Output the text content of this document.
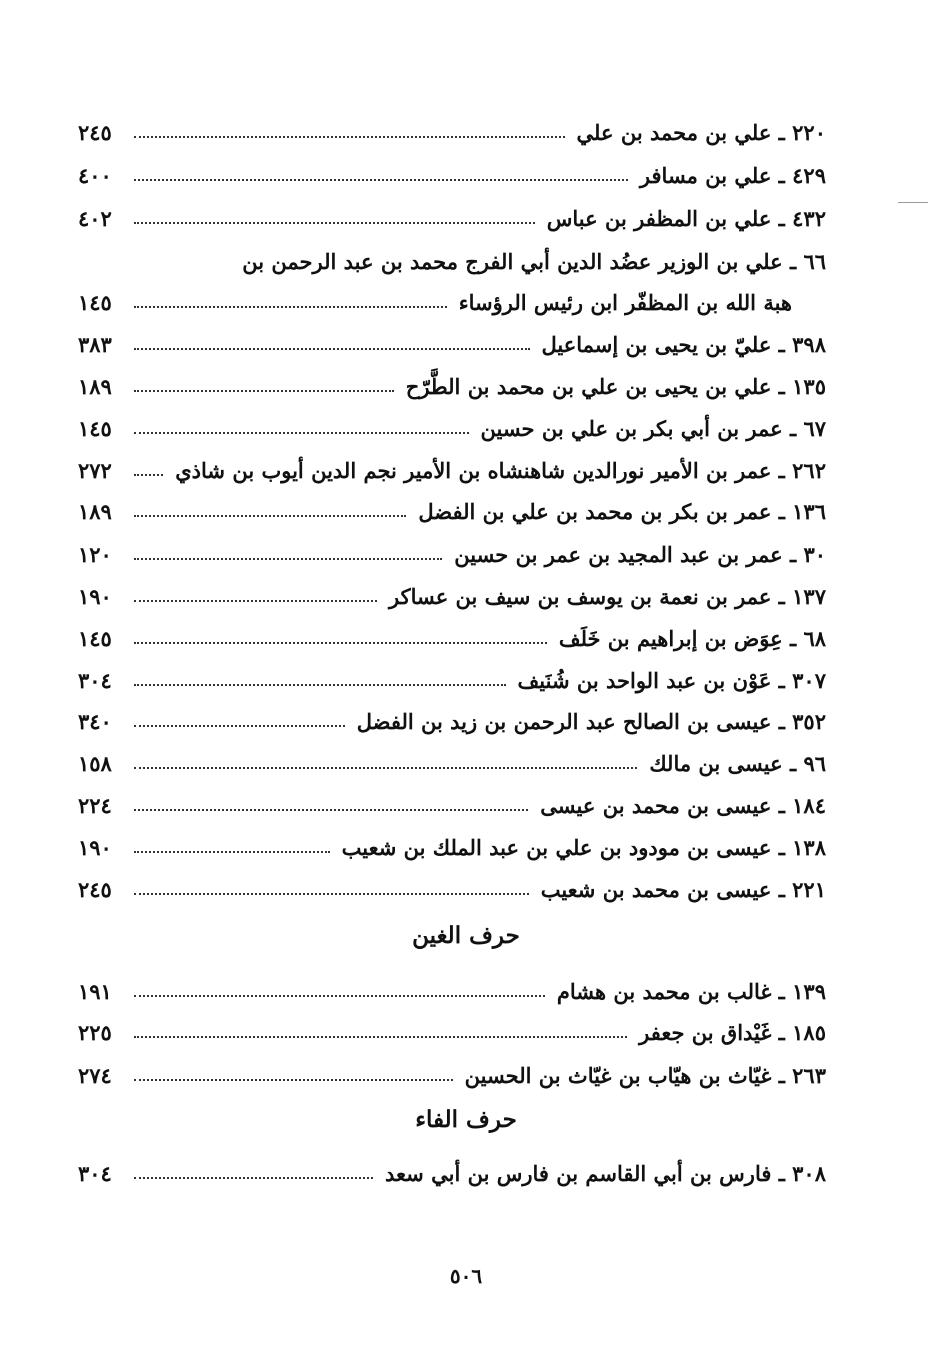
٢٢٠ ـ علي بن محمد بن علي
٢٤٥
٤٢٩ ـ علي بن مسافر
٤٠٠
٤٣٢ ـ علي بن المظفر بن عباس
٤٠٢
٦٦ ـ علي بن الوزير عضُد الدين أبي الفرج محمد بن عبد الرحمن بن
هبة الله بن المظفّر ابن رئيس الرؤساء
١٤٥
٣٩٨ ـ عليّ بن يحيى بن إسماعيل
٣٨٣
١٣٥ ـ علي بن يحيى بن علي بن محمد بن الطَّرّح
١٨٩
٦٧ ـ عمر بن أبي بكر بن علي بن حسين
١٤٥
٢٦٢ ـ عمر بن الأمير نورالدين شاهنشاه بن الأمير نجم الدين أيوب بن شاذي
٢٧٢
١٣٦ ـ عمر بن بكر بن محمد بن علي بن الفضل
١٨٩
٣٠ ـ عمر بن عبد المجيد بن عمر بن حسين
١٢٠
١٣٧ ـ عمر بن نعمة بن يوسف بن سيف بن عساكر
١٩٠
٦٨ ـ عِوَض بن إبراهيم بن خَلَف
١٤٥
٣٠٧ ـ عَوْن بن عبد الواحد بن شُنَيف
٣٠٤
٣٥٢ ـ عيسى بن الصالح عبد الرحمن بن زيد بن الفضل
٣٤٠
٩٦ ـ عيسى بن مالك
١٥٨
١٨٤ ـ عيسى بن محمد بن عيسى
٢٢٤
١٣٨ ـ عيسى بن مودود بن علي بن عبد الملك بن شعيب
١٩٠
٢٢١ ـ عيسى بن محمد بن شعيب
٢٤٥
حرف الغين
١٣٩ ـ غالب بن محمد بن هشام
١٩١
١٨٥ ـ غَيْداق بن جعفر
٢٢٥
٢٦٣ ـ غيّاث بن هيّاب بن غيّاث بن الحسين
٢٧٤
حرف الفاء
٣٠٨ ـ فارس بن أبي القاسم بن فارس بن أبي سعد
٣٠٤
٥٠٦
